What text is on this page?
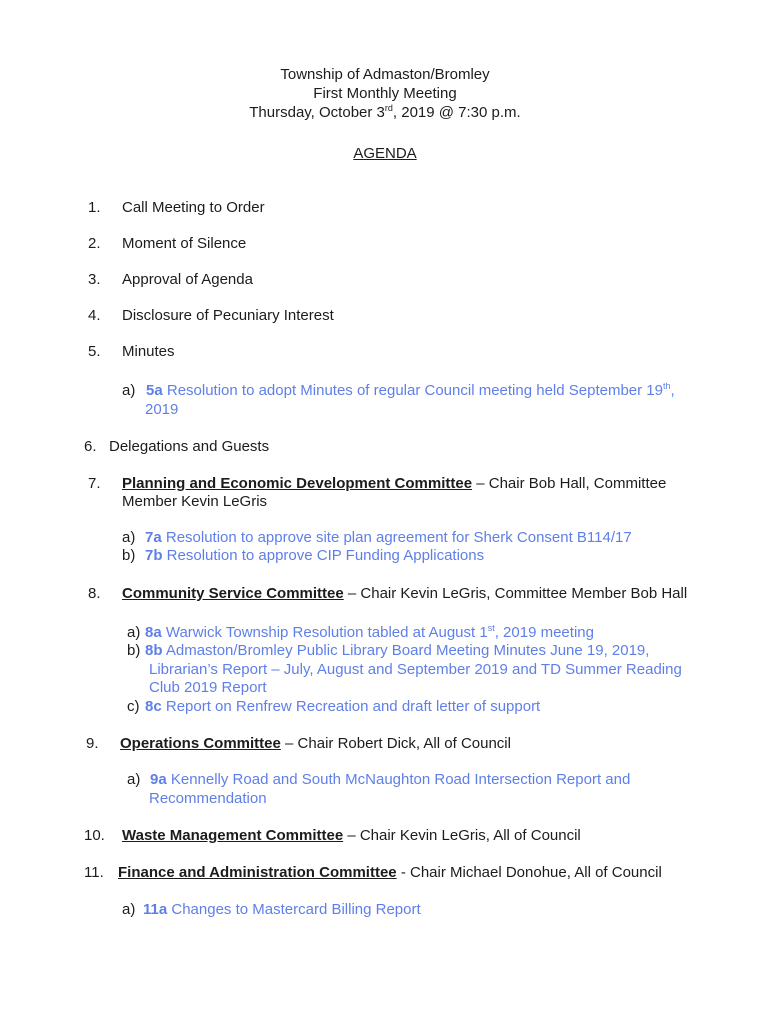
Township of Admaston/Bromley
First Monthly Meeting
Thursday, October 3rd, 2019 @ 7:30 p.m.
AGENDA
1. Call Meeting to Order
2. Moment of Silence
3. Approval of Agenda
4. Disclosure of Pecuniary Interest
5. Minutes
a) 5a Resolution to adopt Minutes of regular Council meeting held September 19th,
2019
6. Delegations and Guests
7. Planning and Economic Development Committee – Chair Bob Hall, Committee
Member Kevin LeGris
a) 7a Resolution to approve site plan agreement for Sherk Consent B114/17
b) 7b Resolution to approve CIP Funding Applications
8. Community Service Committee – Chair Kevin LeGris, Committee Member Bob Hall
a) 8a Warwick Township Resolution tabled at August 1st, 2019 meeting
b) 8b Admaston/Bromley Public Library Board Meeting Minutes June 19, 2019,
Librarian’s Report – July, August and September 2019 and TD Summer Reading
Club 2019 Report
c) 8c Report on Renfrew Recreation and draft letter of support
9. Operations Committee – Chair Robert Dick, All of Council
a) 9a Kennelly Road and South McNaughton Road Intersection Report and
Recommendation
10. Waste Management Committee – Chair Kevin LeGris, All of Council
11. Finance and Administration Committee - Chair Michael Donohue, All of Council
a) 11a Changes to Mastercard Billing Report
